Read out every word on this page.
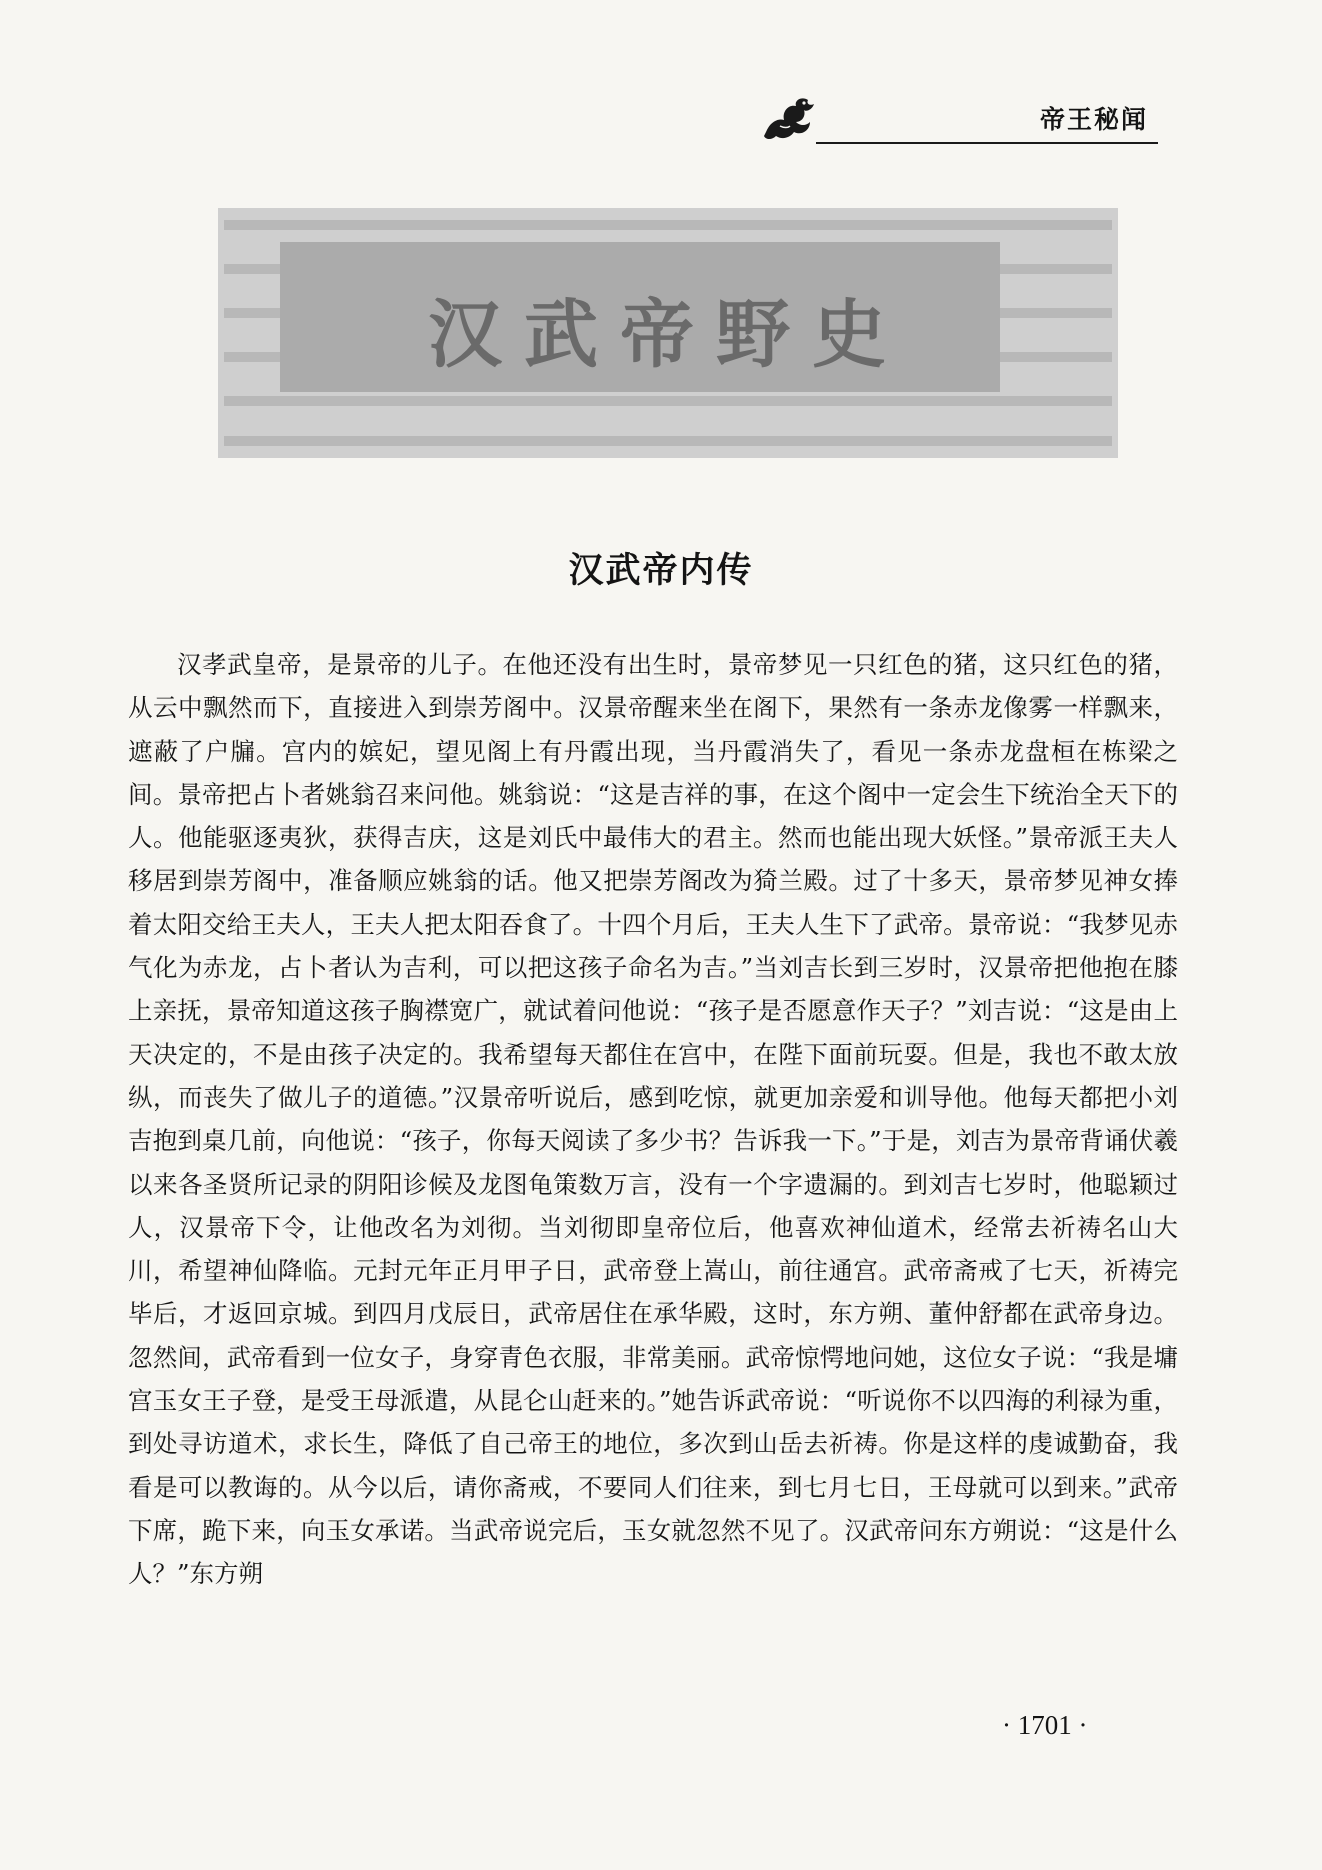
帝王秘闻
汉武帝野史
汉武帝内传

汉孝武皇帝，是景帝的儿子。在他还没有出生时，景帝梦见一只红色的猪，这只红色的猪，从云中飘然而下，直接进入到崇芳阁中。汉景帝醒来坐在阁下，果然有一条赤龙像雾一样飘来，遮蔽了户牖。宫内的嫔妃，望见阁上有丹霞出现，当丹霞消失了，看见一条赤龙盘桓在栋梁之间。景帝把占卜者姚翁召来问他。姚翁说：“这是吉祥的事，在这个阁中一定会生下统治全天下的人。他能驱逐夷狄，获得吉庆，这是刘氏中最伟大的君主。然而也能出现大妖怪。”景帝派王夫人移居到崇芳阁中，准备顺应姚翁的话。他又把崇芳阁改为猗兰殿。过了十多天，景帝梦见神女捧着太阳交给王夫人，王夫人把太阳吞食了。十四个月后，王夫人生下了武帝。景帝说：“我梦见赤气化为赤龙，占卜者认为吉利，可以把这孩子命名为吉。”当刘吉长到三岁时，汉景帝把他抱在膝上亲抚，景帝知道这孩子胸襟宽广，就试着问他说：“孩子是否愿意作天子？”刘吉说：“这是由上天决定的，不是由孩子决定的。我希望每天都住在宫中，在陛下面前玩耍。但是，我也不敢太放纵，而丧失了做儿子的道德。”汉景帝听说后，感到吃惊，就更加亲爱和训导他。他每天都把小刘吉抱到桌几前，向他说：“孩子，你每天阅读了多少书？告诉我一下。”于是，刘吉为景帝背诵伏羲以来各圣贤所记录的阴阳诊候及龙图龟策数万言，没有一个字遗漏的。到刘吉七岁时，他聪颖过人，汉景帝下令，让他改名为刘彻。当刘彻即皇帝位后，他喜欢神仙道术，经常去祈祷名山大川，希望神仙降临。元封元年正月甲子日，武帝登上嵩山，前往通宫。武帝斋戒了七天，祈祷完毕后，才返回京城。到四月戊辰日，武帝居住在承华殿，这时，东方朔、董仲舒都在武帝身边。忽然间，武帝看到一位女子，身穿青色衣服，非常美丽。武帝惊愕地问她，这位女子说：“我是墉宫玉女王子登，是受王母派遣，从昆仑山赶来的。”她告诉武帝说：“听说你不以四海的利禄为重，到处寻访道术，求长生，降低了自己帝王的地位，多次到山岳去祈祷。你是这样的虔诚勤奋，我看是可以教诲的。从今以后，请你斋戒，不要同人们往来，到七月七日，王母就可以到来。”武帝下席，跪下来，向玉女承诺。当武帝说完后，玉女就忽然不见了。汉武帝问东方朔说：“这是什么人？”东方朔

· 1701 ·
